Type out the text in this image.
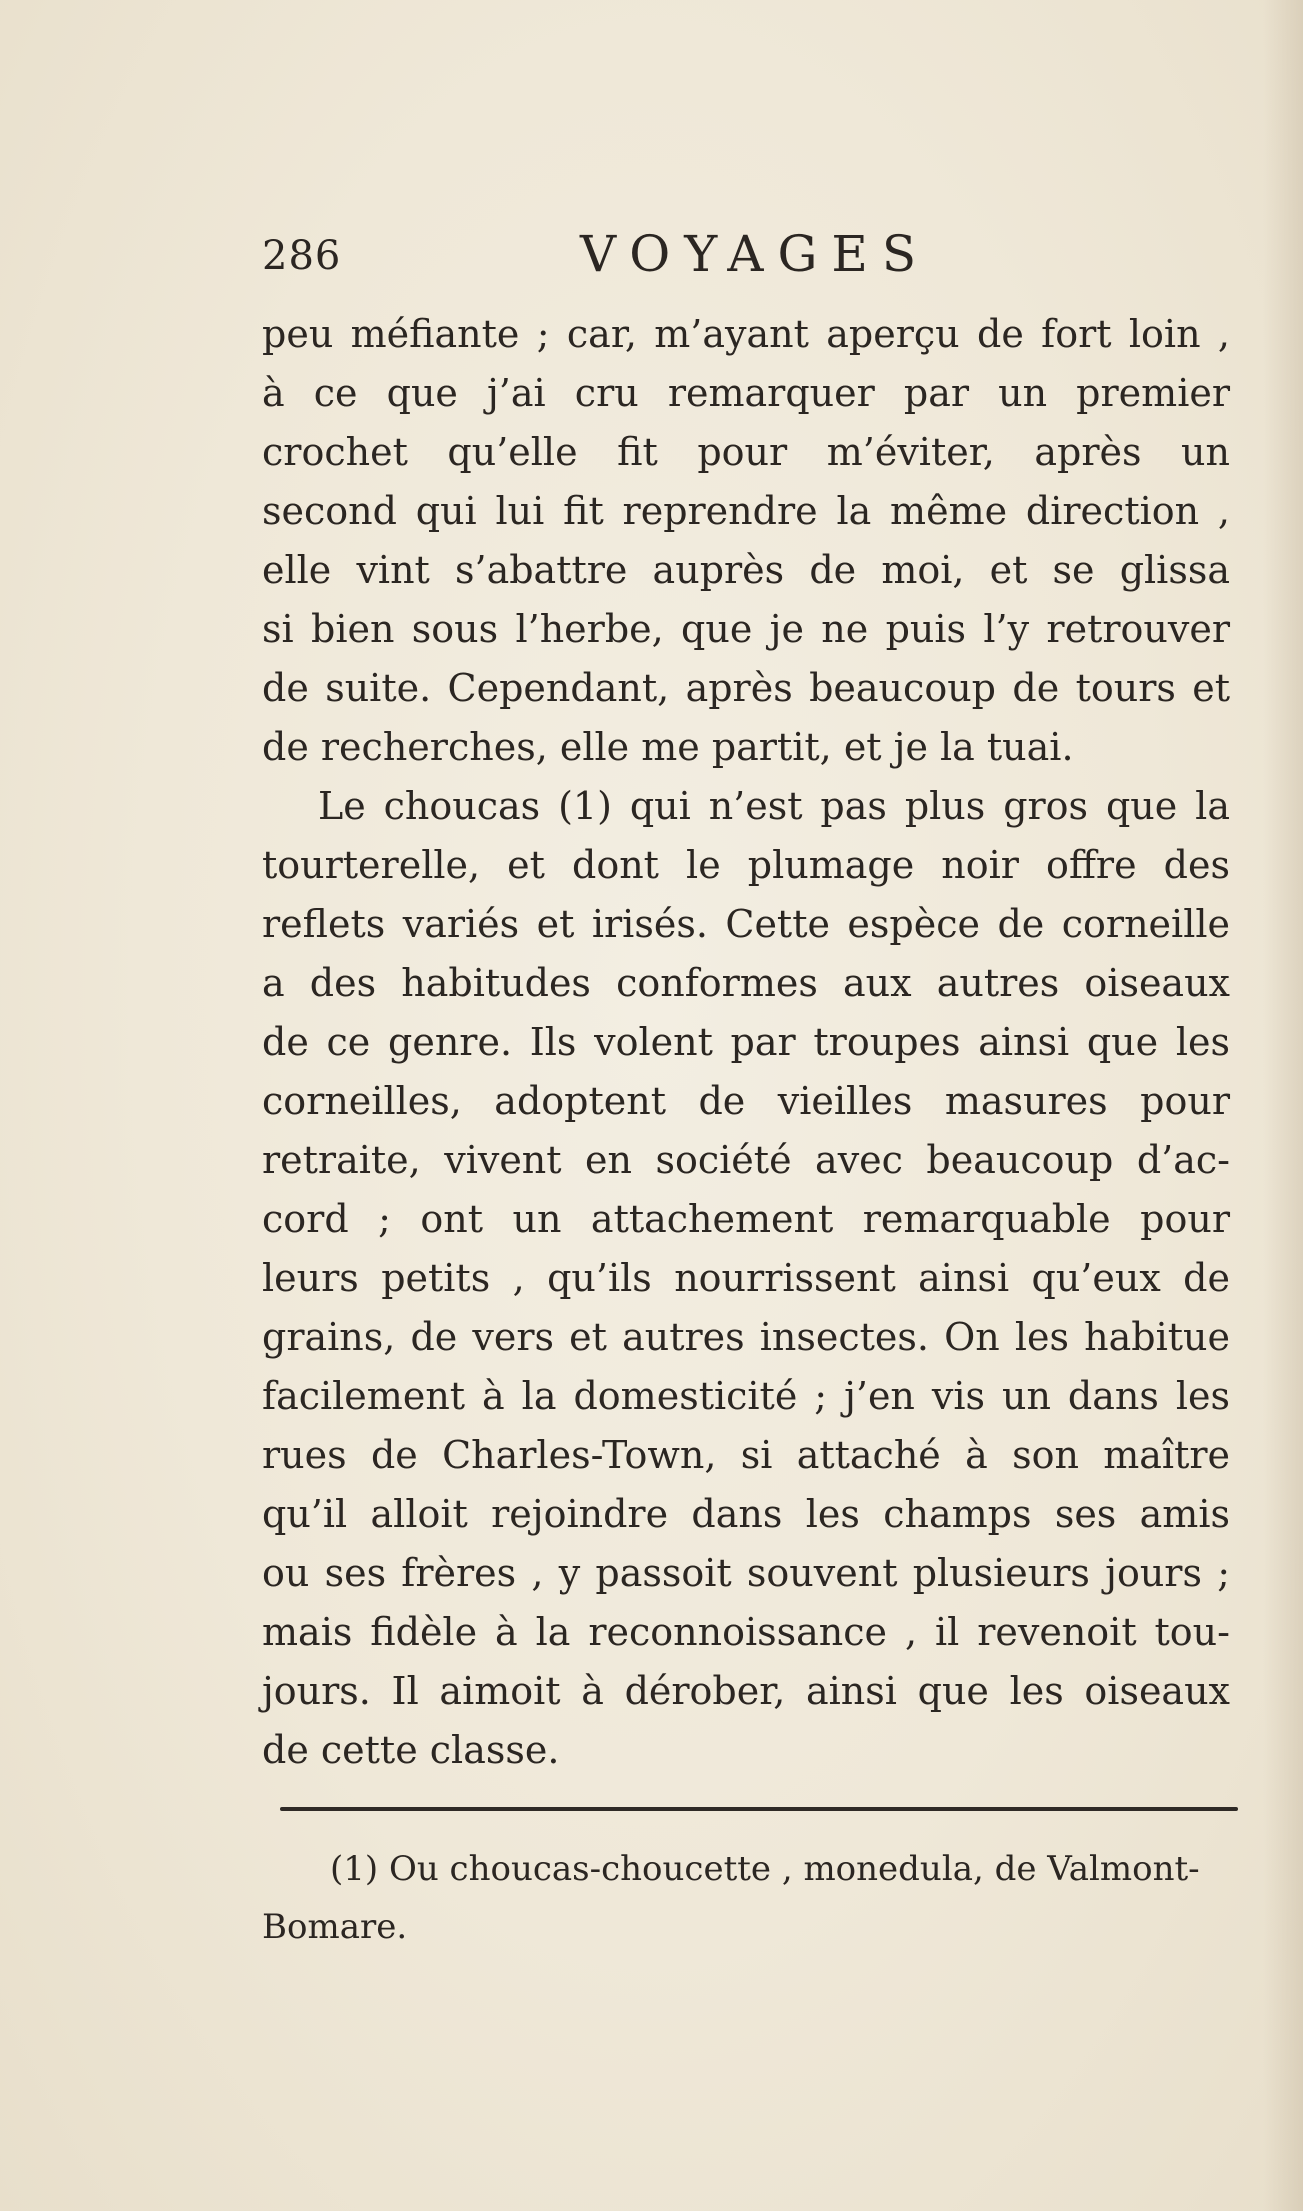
286	VOYAGES
peu méfiante ; car, m’ayant aperçu de fort loin ,
à ce que j’ai cru remarquer par un premier
crochet qu’elle fit pour m’éviter, après un
second qui lui fit reprendre la même direction ,
elle vint s’abattre auprès de moi, et se glissa
si bien sous l’herbe, que je ne puis l’y retrouver
de suite. Cependant, après beaucoup de tours et
de recherches, elle me partit, et je la tuai.
Le choucas (1) qui n’est pas plus gros que la
tourterelle, et dont le plumage noir offre des
reflets variés et irisés. Cette espèce de corneille
a des habitudes conformes aux autres oiseaux
de ce genre. Ils volent par troupes ainsi que les
corneilles, adoptent de vieilles masures pour
retraite, vivent en société avec beaucoup d’ac-
cord ; ont un attachement remarquable pour
leurs petits , qu’ils nourrissent ainsi qu’eux de
grains, de vers et autres insectes. On les habitue
facilement à la domesticité ; j’en vis un dans les
rues de Charles-Town, si attaché à son maître
qu’il alloit rejoindre dans les champs ses amis
ou ses frères , y passoit souvent plusieurs jours ;
mais fidèle à la reconnoissance , il revenoit tou-
jours. Il aimoit à dérober, ainsi que les oiseaux
de cette classe.
(1) Ou choucas-choucette , monedula, de Valmont-
Bomare.
